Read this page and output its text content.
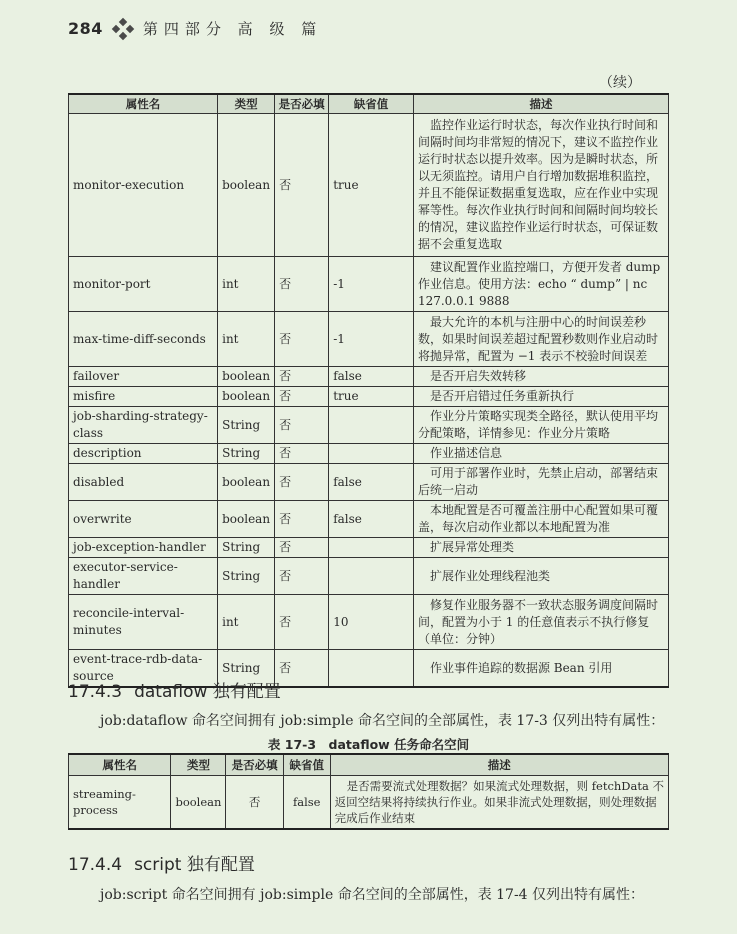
284	第四部分 高 级 篇
（续）
属性名	类型	是否必填	缺省值	描述
monitor-execution	boolean	否	true	监控作业运行时状态，每次作业执行时间和间隔时间均非常短的情况下，建议不监控作业运行时状态以提升效率。因为是瞬时状态，所以无须监控。请用户自行增加数据堆积监控，并且不能保证数据重复选取，应在作业中实现幂等性。每次作业执行时间和间隔时间均较长的情况，建议监控作业运行时状态，可保证数据不会重复选取
monitor-port	int	否	-1	建议配置作业监控端口，方便开发者 dump 作业信息。使用方法：echo “ dump” | nc 127.0.0.1 9888
max-time-diff-seconds	int	否	-1	最大允许的本机与注册中心的时间误差秒数，如果时间误差超过配置秒数则作业启动时将抛异常，配置为 −1 表示不校验时间误差
failover	boolean	否	false	是否开启失效转移
misfire	boolean	否	true	是否开启错过任务重新执行
job-sharding-strategy-class	String	否		作业分片策略实现类全路径，默认使用平均分配策略，详情参见：作业分片策略
description	String	否		作业描述信息
disabled	boolean	否	false	可用于部署作业时，先禁止启动，部署结束后统一启动
overwrite	boolean	否	false	本地配置是否可覆盖注册中心配置如果可覆盖，每次启动作业都以本地配置为准
job-exception-handler	String	否		扩展异常处理类
executor-service-handler	String	否		扩展作业处理线程池类
reconcile-interval-minutes	int	否	10	修复作业服务器不一致状态服务调度间隔时间，配置为小于 1 的任意值表示不执行修复（单位：分钟）
event-trace-rdb-data-source	String	否		作业事件追踪的数据源 Bean 引用
17.4.3 dataflow 独有配置
job:dataflow 命名空间拥有 job:simple 命名空间的全部属性，表 17-3 仅列出特有属性：
表 17-3　dataflow 任务命名空间
属性名	类型	是否必填	缺省值	描述
streaming-process	boolean	否	false	是否需要流式处理数据？如果流式处理数据，则 fetchData 不返回空结果将持续执行作业。如果非流式处理数据，则处理数据完成后作业结束
17.4.4 script 独有配置
job:script 命名空间拥有 job:simple 命名空间的全部属性，表 17-4 仅列出特有属性：
